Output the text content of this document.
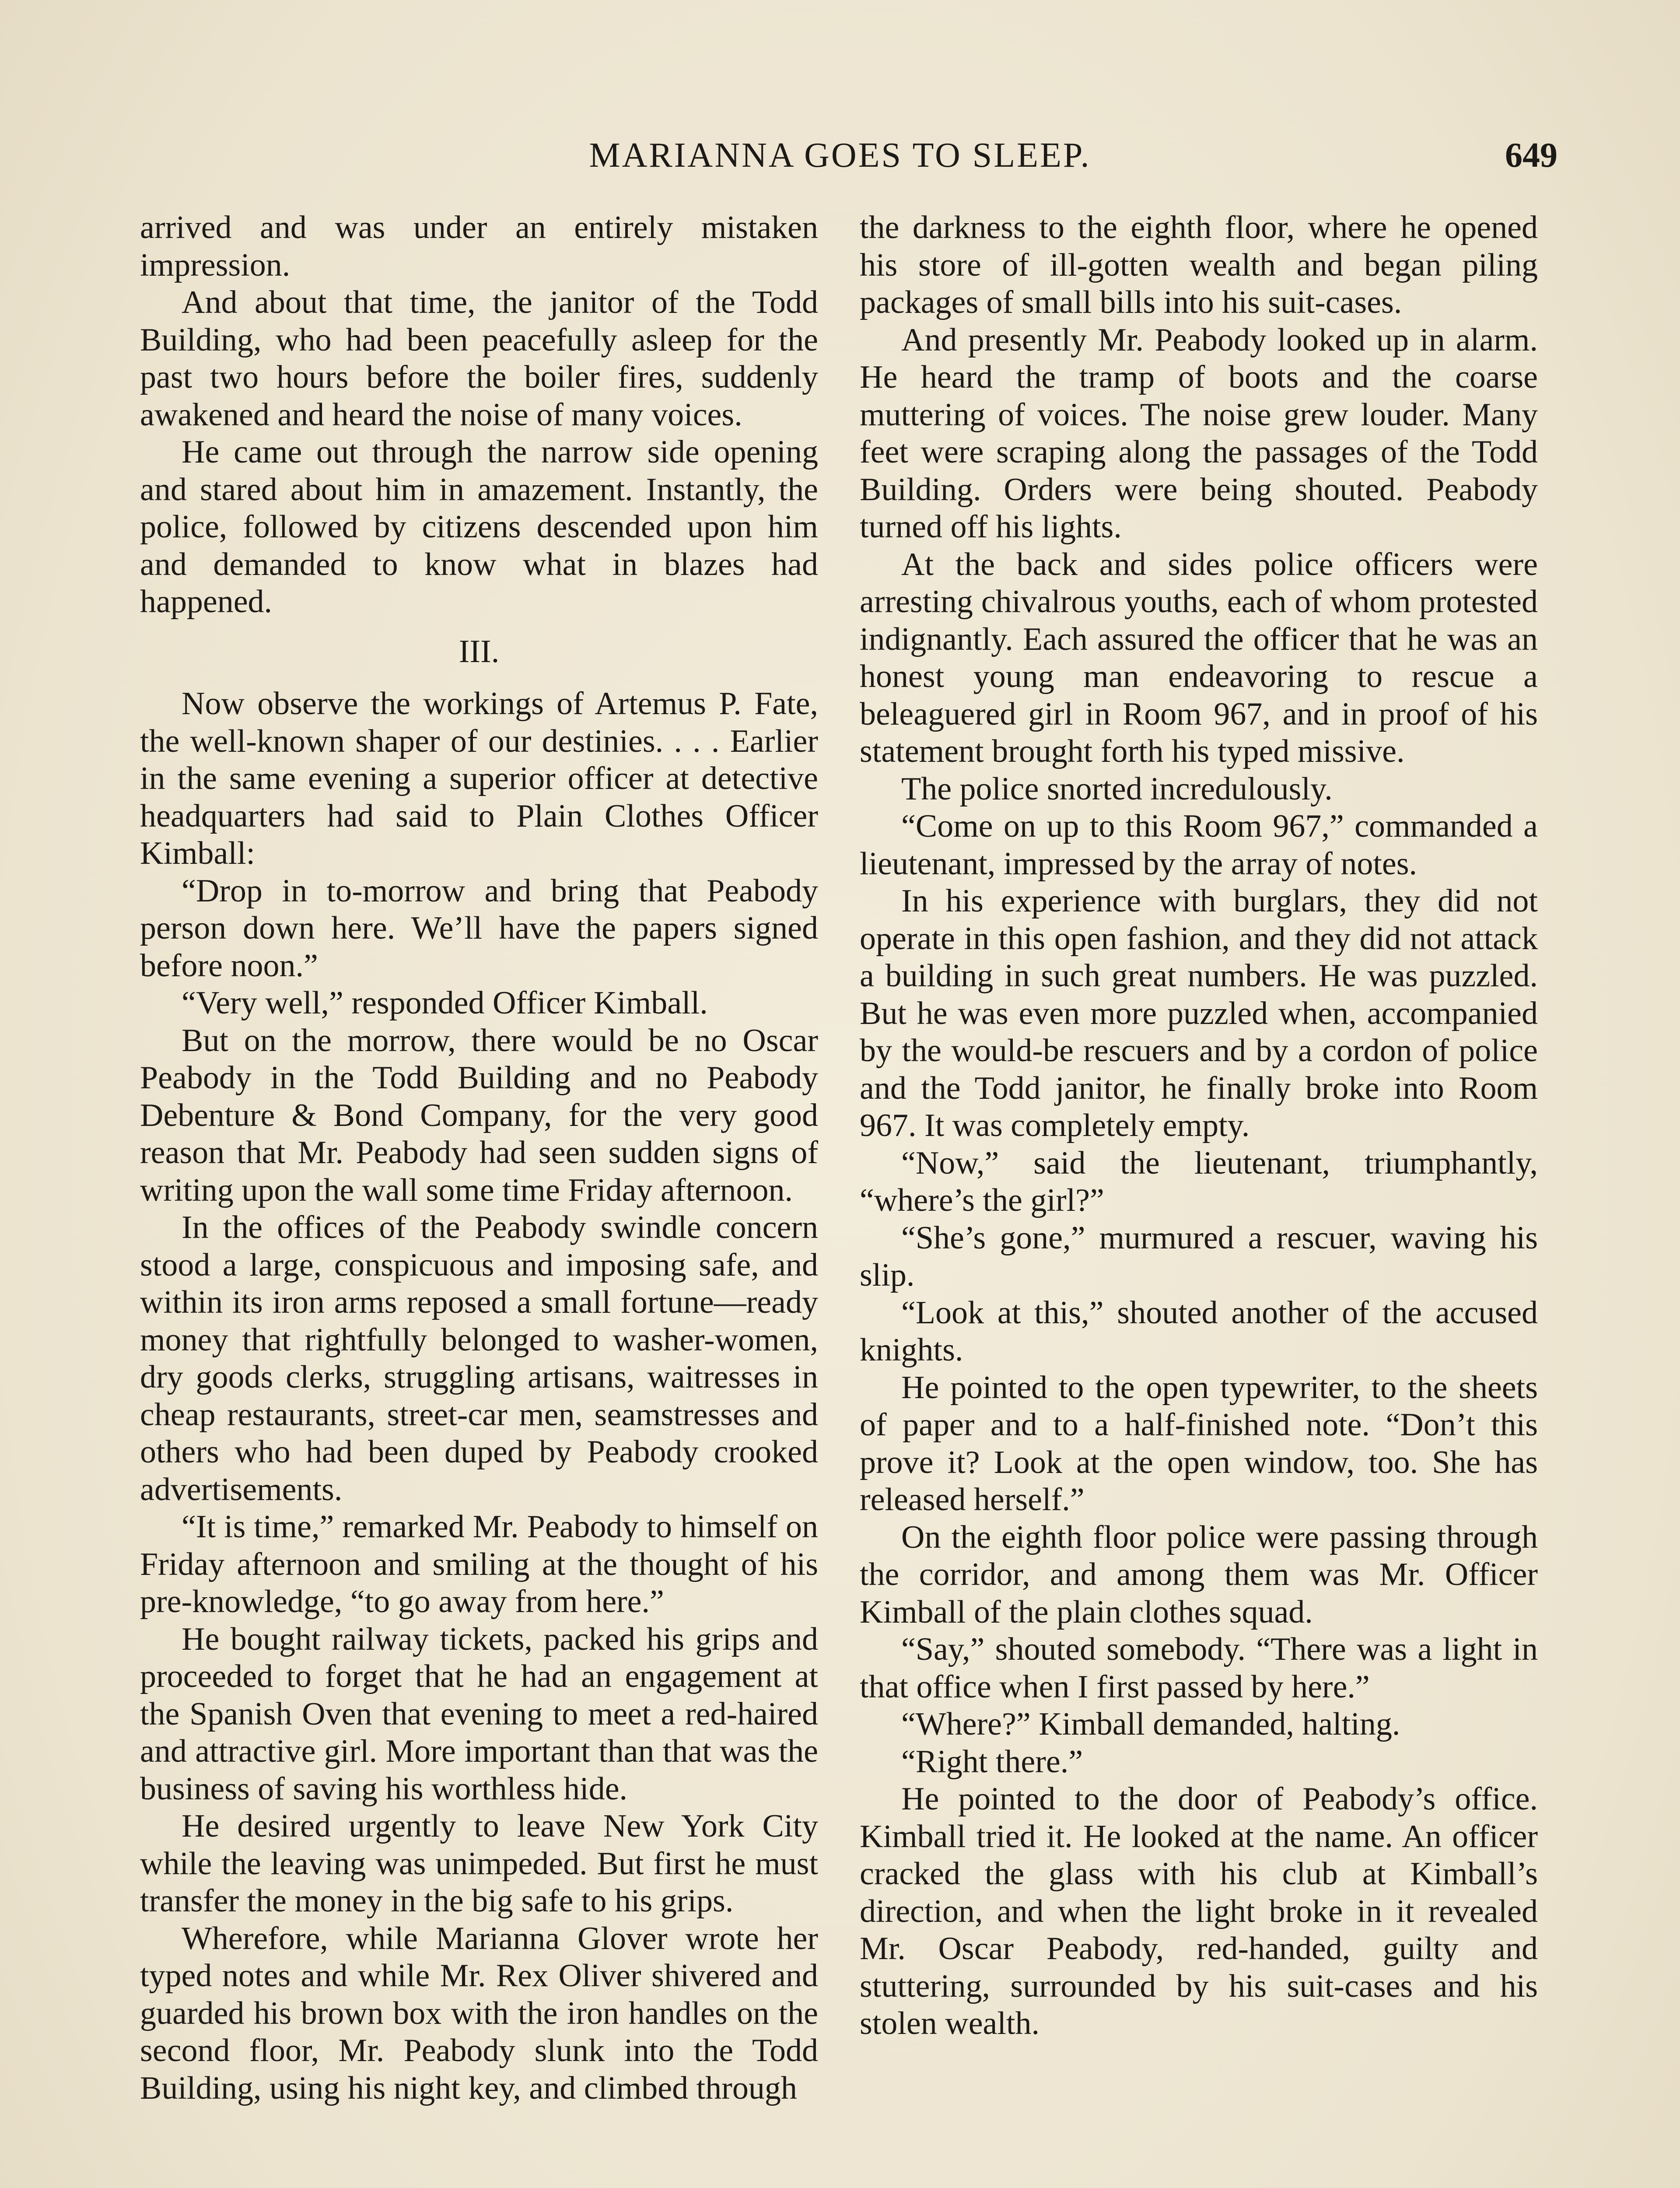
MARIANNA GOES TO SLEEP.	649

arrived and was under an entirely mistaken impression.

And about that time, the janitor of the Todd Building, who had been peacefully asleep for the past two hours before the boiler fires, suddenly awakened and heard the noise of many voices.

He came out through the narrow side opening and stared about him in amazement. Instantly, the police, followed by citizens descended upon him and demanded to know what in blazes had happened.

III.

Now observe the workings of Artemus P. Fate, the well-known shaper of our destinies. . . . Earlier in the same evening a superior officer at detective headquarters had said to Plain Clothes Officer Kimball:

“Drop in to-morrow and bring that Peabody person down here. We’ll have the papers signed before noon.”

“Very well,” responded Officer Kimball.

But on the morrow, there would be no Oscar Peabody in the Todd Building and no Peabody Debenture & Bond Company, for the very good reason that Mr. Peabody had seen sudden signs of writing upon the wall some time Friday afternoon.

In the offices of the Peabody swindle concern stood a large, conspicuous and imposing safe, and within its iron arms reposed a small fortune—ready money that rightfully belonged to washer-women, dry goods clerks, struggling artisans, waitresses in cheap restaurants, street-car men, seamstresses and others who had been duped by Peabody crooked advertisements.

“It is time,” remarked Mr. Peabody to himself on Friday afternoon and smiling at the thought of his pre-knowledge, “to go away from here.”

He bought railway tickets, packed his grips and proceeded to forget that he had an engagement at the Spanish Oven that evening to meet a red-haired and attractive girl. More important than that was the business of saving his worthless hide.

He desired urgently to leave New York City while the leaving was unimpeded. But first he must transfer the money in the big safe to his grips.

Wherefore, while Marianna Glover wrote her typed notes and while Mr. Rex Oliver shivered and guarded his brown box with the iron handles on the second floor, Mr. Peabody slunk into the Todd Building, using his night key, and climbed through

the darkness to the eighth floor, where he opened his store of ill-gotten wealth and began piling packages of small bills into his suit-cases.

And presently Mr. Peabody looked up in alarm. He heard the tramp of boots and the coarse muttering of voices. The noise grew louder. Many feet were scraping along the passages of the Todd Building. Orders were being shouted. Peabody turned off his lights.

At the back and sides police officers were arresting chivalrous youths, each of whom protested indignantly. Each assured the officer that he was an honest young man endeavoring to rescue a beleaguered girl in Room 967, and in proof of his statement brought forth his typed missive.

The police snorted incredulously.

“Come on up to this Room 967,” commanded a lieutenant, impressed by the array of notes.

In his experience with burglars, they did not operate in this open fashion, and they did not attack a building in such great numbers. He was puzzled. But he was even more puzzled when, accompanied by the would-be rescuers and by a cordon of police and the Todd janitor, he finally broke into Room 967. It was completely empty.

“Now,” said the lieutenant, triumphantly, “where’s the girl?”

“She’s gone,” murmured a rescuer, waving his slip.

“Look at this,” shouted another of the accused knights.

He pointed to the open typewriter, to the sheets of paper and to a half-finished note. “Don’t this prove it? Look at the open window, too. She has released herself.”

On the eighth floor police were passing through the corridor, and among them was Mr. Officer Kimball of the plain clothes squad.

“Say,” shouted somebody. “There was a light in that office when I first passed by here.”

“Where?” Kimball demanded, halting.

“Right there.”

He pointed to the door of Peabody’s office. Kimball tried it. He looked at the name. An officer cracked the glass with his club at Kimball’s direction, and when the light broke in it revealed Mr. Oscar Peabody, red-handed, guilty and stuttering, surrounded by his suit-cases and his stolen wealth.
